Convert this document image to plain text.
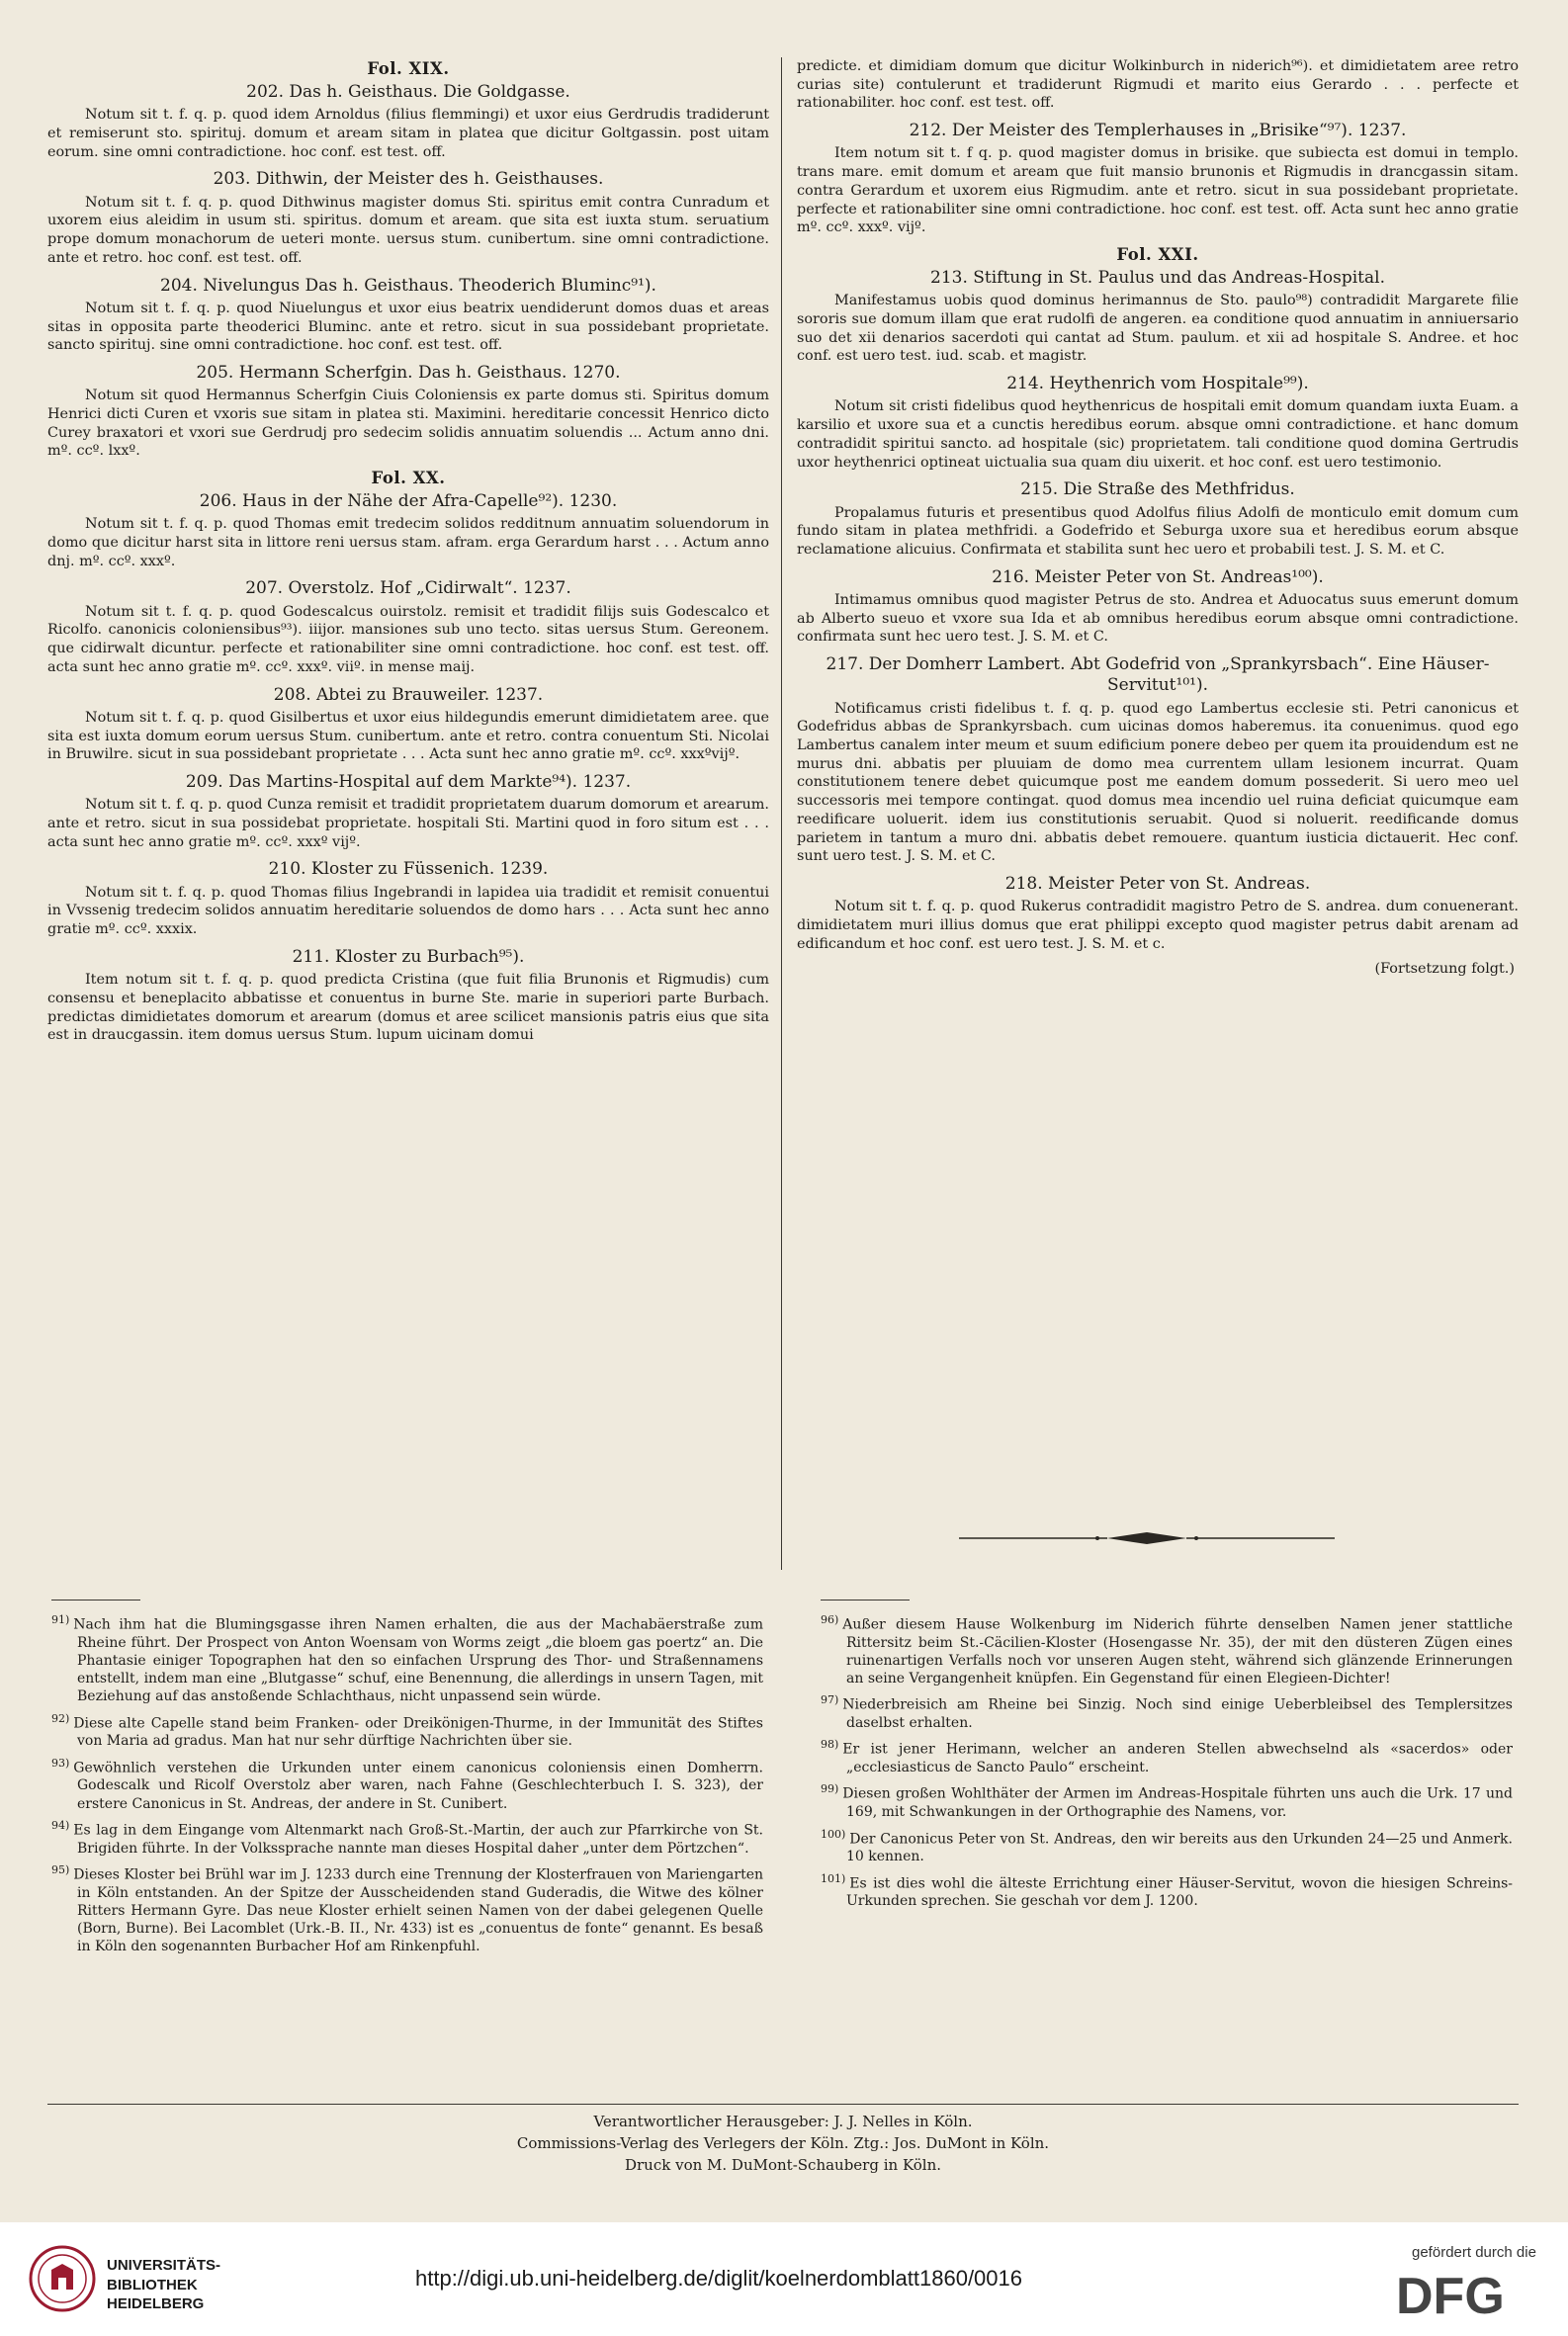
Fol. XIX.
202. Das h. Geisthaus. Die Goldgasse.

Notum sit t. f. q. p. quod idem Arnoldus (filius flemmingi) et uxor eius Gerdrudis tradiderunt et remiserunt sto. spirituj. domum et aream sitam in platea que dicitur Goltgassin. post uitam eorum. sine omni contradictione. hoc conf. est test. off.

203. Dithwin, der Meister des h. Geisthauses.

Notum sit t. f. q. p. quod Dithwinus magister domus Sti. spiritus emit contra Cunradum et uxorem eius aleidim in usum sti. spiritus. domum et aream. que sita est iuxta stum. seruatium prope domum monachorum de ueteri monte. uersus stum. cunibertum. sine omni contradictione. ante et retro. hoc conf. est test. off.

204. Nivelungus Das h. Geisthaus. Theoderich Bluminc⁹¹).

Notum sit t. f. q. p. quod Niuelungus et uxor eius beatrix uendiderunt domos duas et areas sitas in opposita parte theoderici Bluminc. ante et retro. sicut in sua possidebant proprietate. sancto spirituj. sine omni contradictione. hoc conf. est test. off.

205. Hermann Scherfgin. Das h. Geisthaus. 1270.

Notum sit quod Hermannus Scherfgin Ciuis Coloniensis ex parte domus sti. Spiritus domum Henrici dicti Curen et vxoris sue sitam in platea sti. Maximini. hereditarie concessit Henrico dicto Curey braxatori et vxori sue Gerdrudj pro sedecim solidis annuatim soluendis ... Actum anno dni. mº. ccº. lxxº.

Fol. XX.
206. Haus in der Nähe der Afra-Capelle⁹²). 1230.

Notum sit t. f. q. p. quod Thomas emit tredecim solidos redditnum annuatim soluendorum in domo que dicitur harst sita in littore reni uersus stam. afram. erga Gerardum harst . . . Actum anno dnj. mº. ccº. xxxº.

207. Overstolz. Hof „Cidirwalt“. 1237.

Notum sit t. f. q. p. quod Godescalcus ouirstolz. remisit et tradidit filijs suis Godescalco et Ricolfo. canonicis coloniensibus⁹³). iiijor. mansiones sub uno tecto. sitas uersus Stum. Gereonem. que cidirwalt dicuntur. perfecte et rationabiliter sine omni contradictione. hoc conf. est test. off. acta sunt hec anno gratie mº. ccº. xxxº. viiº. in mense maij.

208. Abtei zu Brauweiler. 1237.

Notum sit t. f. q. p. quod Gisilbertus et uxor eius hildegundis emerunt dimidietatem aree. que sita est iuxta domum eorum uersus Stum. cunibertum. ante et retro. contra conuentum Sti. Nicolai in Bruwilre. sicut in sua possidebant proprietate . . . Acta sunt hec anno gratie mº. ccº. xxxºvijº.

209. Das Martins-Hospital auf dem Markte⁹⁴). 1237.

Notum sit t. f. q. p. quod Cunza remisit et tradidit proprietatem duarum domorum et arearum. ante et retro. sicut in sua possidebat proprietate. hospitali Sti. Martini quod in foro situm est . . . acta sunt hec anno gratie mº. ccº. xxxº vijº.

210. Kloster zu Füssenich. 1239.

Notum sit t. f. q. p. quod Thomas filius Ingebrandi in lapidea uia tradidit et remisit conuentui in Vvssenig tredecim solidos annuatim hereditarie soluendos de domo hars . . . Acta sunt hec anno gratie mº. ccº. xxxix.

211. Kloster zu Burbach⁹⁵).

Item notum sit t. f. q. p. quod predicta Cristina (que fuit filia Brunonis et Rigmudis) cum consensu et beneplacito abbatisse et conuentus in burne Ste. marie in superiori parte Burbach. predictas dimidietates domorum et arearum (domus et aree scilicet mansionis patris eius que sita est in draucgassin. item domus uersus Stum. lupum uicinam domui

predicte. et dimidiam domum que dicitur Wolkinburch in niderich⁹⁶). et dimidietatem aree retro curias site) contulerunt et tradiderunt Rigmudi et marito eius Gerardo . . . perfecte et rationabiliter. hoc conf. est test. off.
212. Der Meister des Templerhauses in „Brisike“⁹⁷). 1237.

Item notum sit t. f q. p. quod magister domus in brisike. que subiecta est domui in templo. trans mare. emit domum et aream que fuit mansio brunonis et Rigmudis in drancgassin sitam. contra Gerardum et uxorem eius Rigmudim. ante et retro. sicut in sua possidebant proprietate. perfecte et rationabiliter sine omni contradictione. hoc conf. est test. off. Acta sunt hec anno gratie mº. ccº. xxxº. vijº.

Fol. XXI.
213. Stiftung in St. Paulus und das Andreas-Hospital.

Manifestamus uobis quod dominus herimannus de Sto. paulo⁹⁸) contradidit Margarete filie sororis sue domum illam que erat rudolfi de angeren. ea conditione quod annuatim in anniuersario suo det xii denarios sacerdoti qui cantat ad Stum. paulum. et xii ad hospitale S. Andree. et hoc conf. est uero test. iud. scab. et magistr.

214. Heythenrich vom Hospitale⁹⁹).

Notum sit cristi fidelibus quod heythenricus de hospitali emit domum quandam iuxta Euam. a karsilio et uxore sua et a cunctis heredibus eorum. absque omni contradictione. et hanc domum contradidit spiritui sancto. ad hospitale (sic) proprietatem. tali conditione quod domina Gertrudis uxor heythenrici optineat uictualia sua quam diu uixerit. et hoc conf. est uero testimonio.

215. Die Straße des Methfridus.

Propalamus futuris et presentibus quod Adolfus filius Adolfi de monticulo emit domum cum fundo sitam in platea methfridi. a Godefrido et Seburga uxore sua et heredibus eorum absque reclamatione alicuius. Confirmata et stabilita sunt hec uero et probabili test. J. S. M. et C.

216. Meister Peter von St. Andreas¹⁰⁰).

Intimamus omnibus quod magister Petrus de sto. Andrea et Aduocatus suus emerunt domum ab Alberto sueuo et vxore sua Ida et ab omnibus heredibus eorum absque omni contradictione. confirmata sunt hec uero test. J. S. M. et C.

217. Der Domherr Lambert. Abt Godefrid von „Sprankyrsbach“. Eine Häuser-Servitut¹⁰¹).

Notificamus cristi fidelibus t. f. q. p. quod ego Lambertus ecclesie sti. Petri canonicus et Godefridus abbas de Sprankyrsbach. cum uicinas domos haberemus. ita conuenimus. quod ego Lambertus canalem inter meum et suum edificium ponere debeo per quem ita prouidendum est ne murus dni. abbatis per pluuiam de domo mea currentem ullam lesionem incurrat. Quam constitutionem tenere debet quicumque post me eandem domum possederit. Si uero meo uel successoris mei tempore contingat. quod domus mea incendio uel ruina deficiat quicumque eam reedificare uoluerit. idem ius constitutionis seruabit. Quod si noluerit. reedificande domus parietem in tantum a muro dni. abbatis debet remouere. quantum iusticia dictauerit. Hec conf. sunt uero test. J. S. M. et C.

218. Meister Peter von St. Andreas.

Notum sit t. f. q. p. quod Rukerus contradidit magistro Petro de S. andrea. dum conuenerant. dimidietatem muri illius domus que erat philippi excepto quod magister petrus dabit arenam ad edificandum et hoc conf. est uero test. J. S. M. et c.

(Fortsetzung folgt.)
$^{91)}$ Nach ihm hat die Blumingsgasse ihren Namen erhalten, die aus der Machabäerstraße zum Rheine führt. Der Prospect von Anton Woensam von Worms zeigt „die bloem gas poertz“ an. Die Phantasie einiger Topographen hat den so einfachen Ursprung des Thor- und Straßennamens entstellt, indem man eine „Blutgasse“ schuf, eine Benennung, die allerdings in unsern Tagen, mit Beziehung auf das anstoßende Schlachthaus, nicht unpassend sein würde.
$^{92)}$ Diese alte Capelle stand beim Franken- oder Dreikönigen-Thurme, in der Immunität des Stiftes von Maria ad gradus. Man hat nur sehr dürftige Nachrichten über sie.
$^{93)}$ Gewöhnlich verstehen die Urkunden unter einem canonicus coloniensis einen Domherrn. Godescalk und Ricolf Overstolz aber waren, nach Fahne (Geschlechterbuch I. S. 323), der erstere Canonicus in St. Andreas, der andere in St. Cunibert.
$^{94)}$ Es lag in dem Eingange vom Altenmarkt nach Groß-St.-Martin, der auch zur Pfarrkirche von St. Brigiden führte. In der Volkssprache nannte man dieses Hospital daher „unter dem Pörtzchen“.
$^{95)}$ Dieses Kloster bei Brühl war im J. 1233 durch eine Trennung der Klosterfrauen von Mariengarten in Köln entstanden. An der Spitze der Ausscheidenden stand Guderadis, die Witwe des kölner Ritters Hermann Gyre. Das neue Kloster erhielt seinen Namen von der dabei gelegenen Quelle (Born, Burne). Bei Lacomblet (Urk.-B. II., Nr. 433) ist es „conuentus de fonte“ genannt. Es besaß in Köln den sogenannten Burbacher Hof am Rinkenpfuhl.
$^{96)}$ Außer diesem Hause Wolkenburg im Niderich führte denselben Namen jener stattliche Rittersitz beim St.-Cäcilien-Kloster (Hosengasse Nr. 35), der mit den düsteren Zügen eines ruinenartigen Verfalls noch vor unseren Augen steht, während sich glänzende Erinnerungen an seine Vergangenheit knüpfen. Ein Gegenstand für einen Elegieen-Dichter!
$^{97)}$ Niederbreisich am Rheine bei Sinzig. Noch sind einige Ueberbleibsel des Templersitzes daselbst erhalten.
$^{98)}$ Er ist jener Herimann, welcher an anderen Stellen abwechselnd als «sacerdos» oder „ecclesiasticus de Sancto Paulo“ erscheint.
$^{99)}$ Diesen großen Wohlthäter der Armen im Andreas-Hospitale führten uns auch die Urk. 17 und 169, mit Schwankungen in der Orthographie des Namens, vor.
$^{100)}$ Der Canonicus Peter von St. Andreas, den wir bereits aus den Urkunden 24—25 und Anmerk. 10 kennen.
$^{101)}$ Es ist dies wohl die älteste Errichtung einer Häuser-Servitut, wovon die hiesigen Schreins-Urkunden sprechen. Sie geschah vor dem J. 1200.
Verantwortlicher Herausgeber: J. J. Nelles in Köln.
Commissions-Verlag des Verlegers der Köln. Ztg.: Jos. DuMont in Köln.
Druck von M. DuMont-Schauberg in Köln.
UNIVERSITÄTS-
BIBLIOTHEK
HEIDELBERG
http://digi.ub.uni-heidelberg.de/diglit/koelnerdomblatt1860/0016
gefördert durch die
DFG
